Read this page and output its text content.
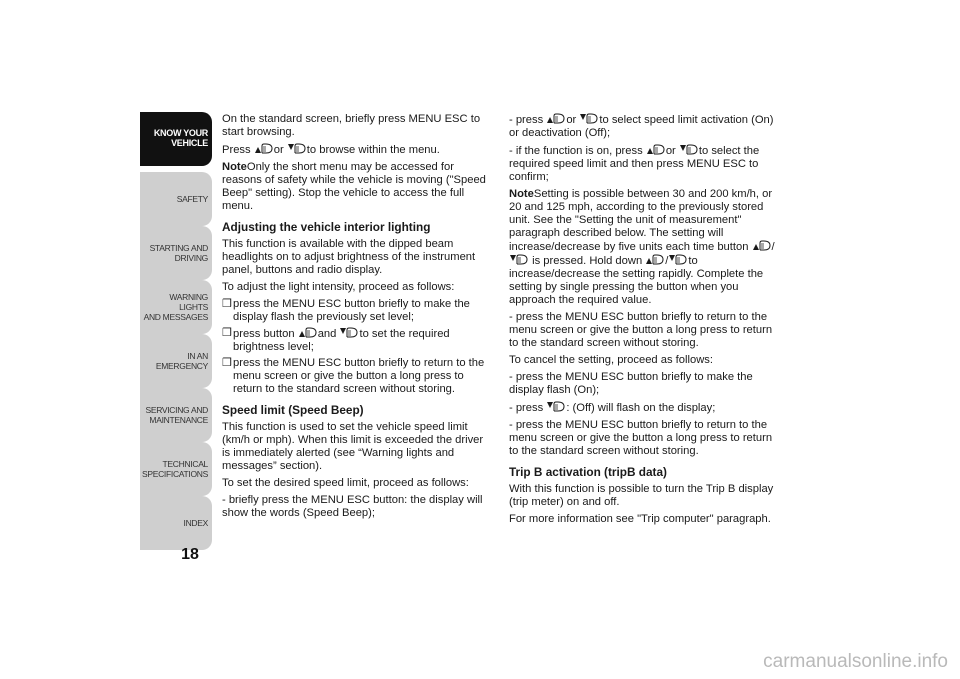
KNOW YOUR
VEHICLE
SAFETY
STARTING AND
DRIVING
WARNING LIGHTS
AND MESSAGES
IN AN EMERGENCY
SERVICING AND
MAINTENANCE
TECHNICAL
SPECIFICATIONS
INDEX
18

On the standard screen, briefly press MENU ESC to start browsing.

Press or to browse within the menu.

NoteOnly the short menu may be accessed for reasons of safety while the vehicle is moving ("Speed Beep" setting). Stop the vehicle to access the full menu.

Adjusting the vehicle interior lighting

This function is available with the dipped beam headlights on to adjust brightness of the instrument panel, buttons and radio display.

To adjust the light intensity, proceed as follows:

❒ press the MENU ESC button briefly to make the display flash the previously set level;
❒ press button and to set the required brightness level;
❒ press the MENU ESC button briefly to return to the menu screen or give the button a long press to return to the standard screen without storing.
Speed limit (Speed Beep)

This function is used to set the vehicle speed limit (km/h or mph). When this limit is exceeded the driver is immediately alerted (see “Warning lights and messages” section).

To set the desired speed limit, proceed as follows:

- briefly press the MENU ESC button: the display will show the words (Speed Beep);

- press or to select speed limit activation (On) or deactivation (Off);

- if the function is on, press or to select the required speed limit and then press MENU ESC to confirm;

NoteSetting is possible between 30 and 200 km/h, or 20 and 125 mph, according to the previously stored unit. See the "Setting the unit of measurement" paragraph described below. The setting will increase/decrease by five units each time button /
is pressed. Hold down / to increase/decrease the setting rapidly. Complete the setting by single pressing the button when you approach the required value.

- press the MENU ESC button briefly to return to the menu screen or give the button a long press to return to the standard screen without storing.

To cancel the setting, proceed as follows:

- press the MENU ESC button briefly to make the display flash (On);

- press : (Off) will flash on the display;

- press the MENU ESC button briefly to return to the menu screen or give the button a long press to return to the standard screen without storing.

Trip B activation (tripB data)

With this function is possible to turn the Trip B display (trip meter) on and off.

For more information see "Trip computer" paragraph.

carmanualsonline.info
